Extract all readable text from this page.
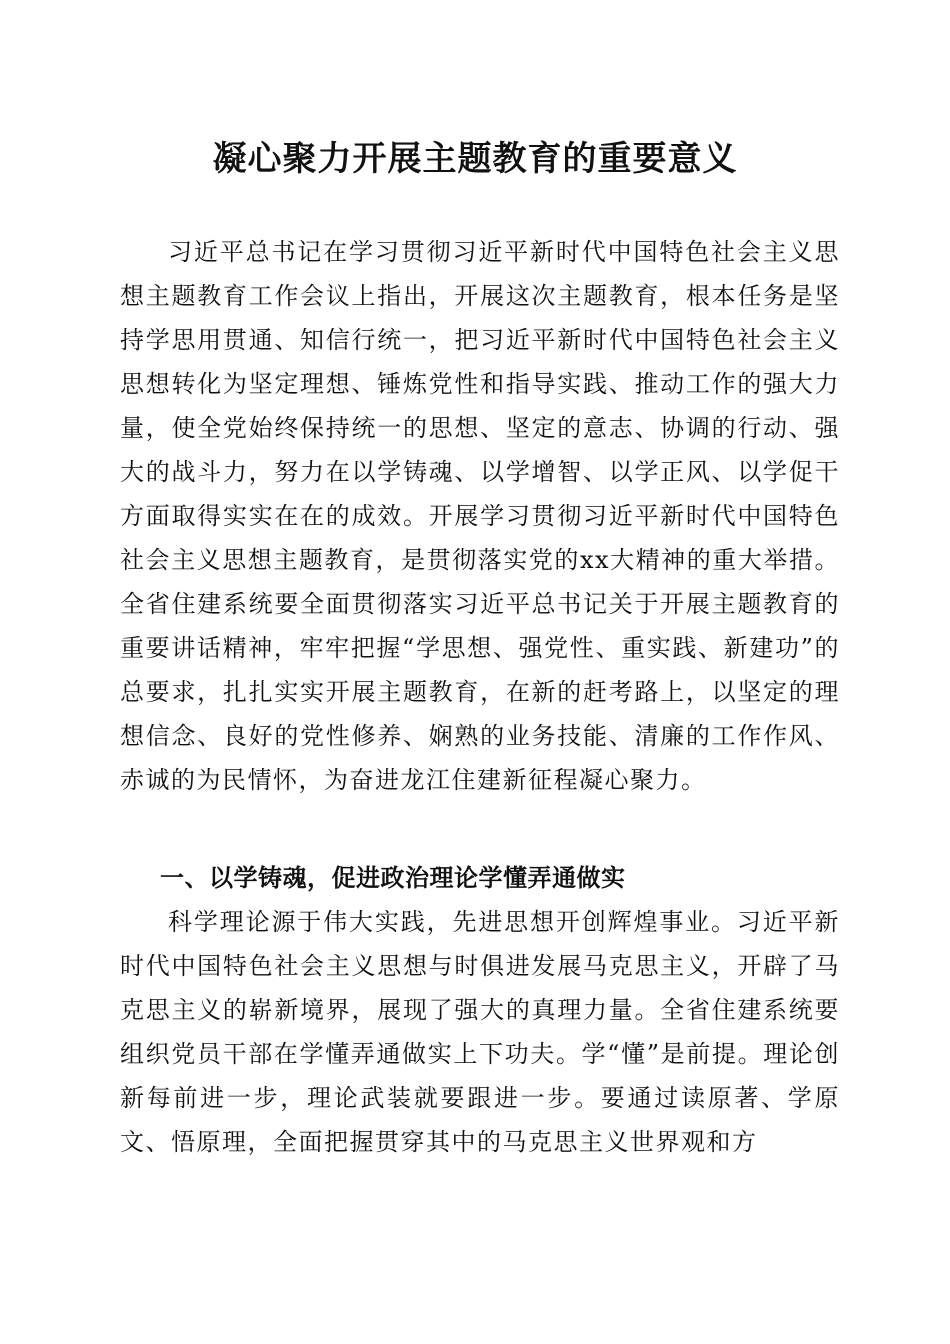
凝心聚力开展主题教育的重要意义

习近平总书记在学习贯彻习近平新时代中国特色社会主义思想主题教育工作会议上指出，开展这次主题教育，根本任务是坚持学思用贯通、知信行统一，把习近平新时代中国特色社会主义思想转化为坚定理想、锤炼党性和指导实践、推动工作的强大力量，使全党始终保持统一的思想、坚定的意志、协调的行动、强大的战斗力，努力在以学铸魂、以学增智、以学正风、以学促干方面取得实实在在的成效。开展学习贯彻习近平新时代中国特色社会主义思想主题教育，是贯彻落实党的xx大精神的重大举措。全省住建系统要全面贯彻落实习近平总书记关于开展主题教育的重要讲话精神，牢牢把握“学思想、强党性、重实践、新建功”的总要求，扎扎实实开展主题教育，在新的赶考路上，以坚定的理想信念、良好的党性修养、娴熟的业务技能、清廉的工作作风、赤诚的为民情怀，为奋进龙江住建新征程凝心聚力。

一、以学铸魂，促进政治理论学懂弄通做实

科学理论源于伟大实践，先进思想开创辉煌事业。习近平新时代中国特色社会主义思想与时俱进发展马克思主义，开辟了马克思主义的崭新境界，展现了强大的真理力量。全省住建系统要组织党员干部在学懂弄通做实上下功夫。学“懂”是前提。理论创新每前进一步，理论武装就要跟进一步。要通过读原著、学原文、悟原理，全面把握贯穿其中的马克思主义世界观和方
